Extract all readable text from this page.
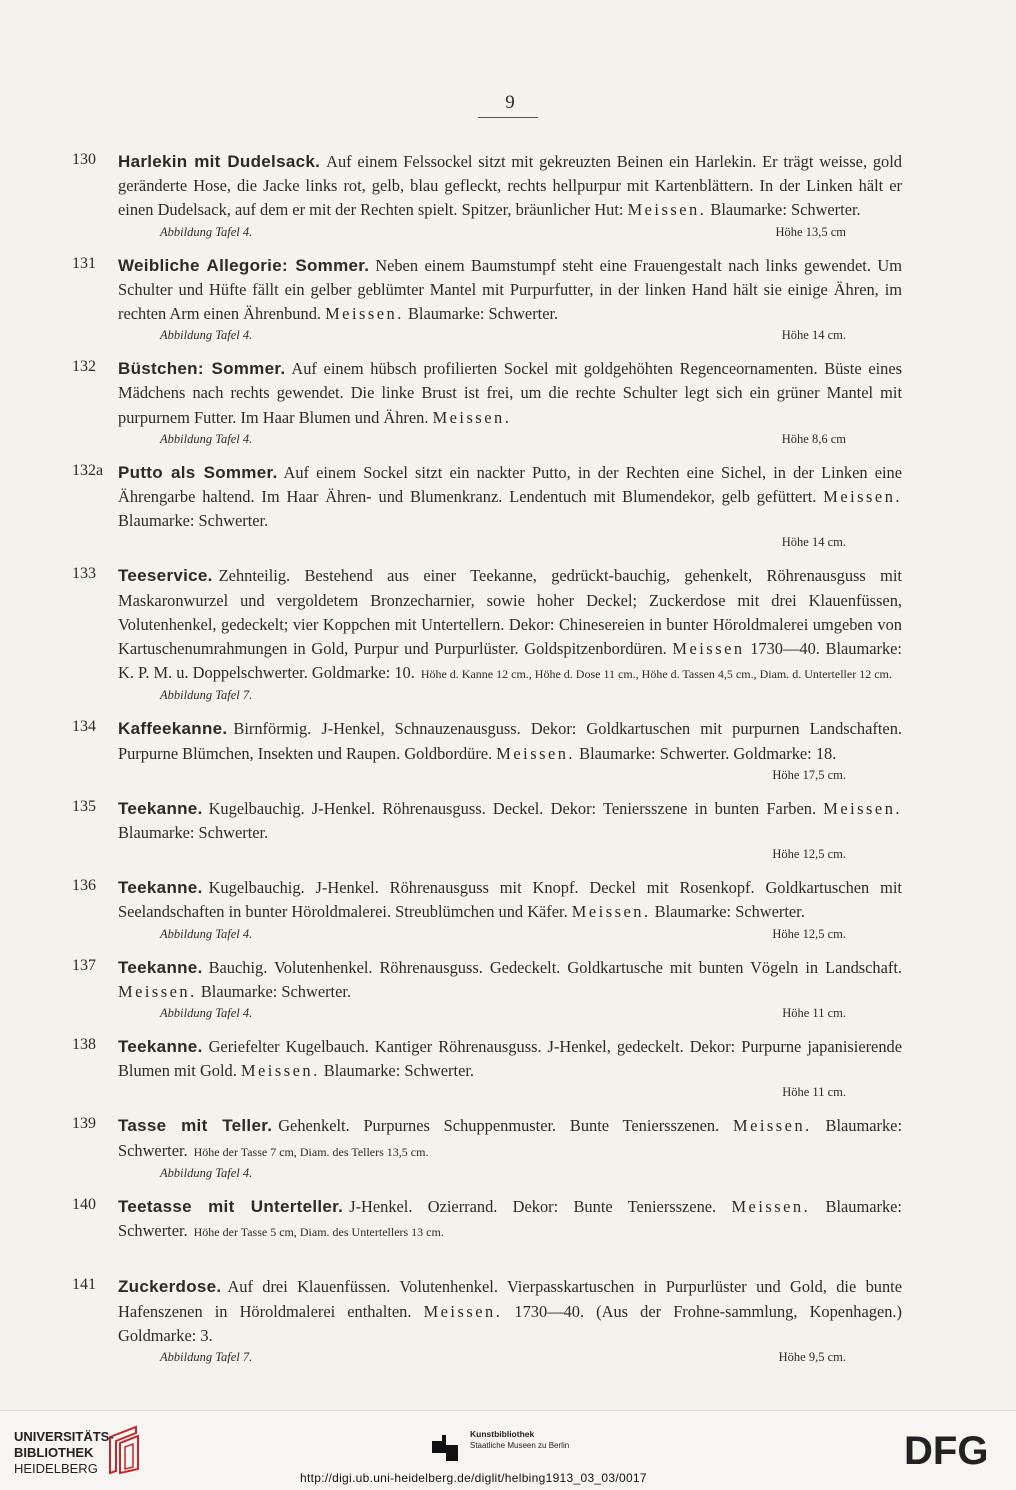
9
130 Harlekin mit Dudelsack. Auf einem Felssockel sitzt mit gekreuzten Beinen ein Harlekin. Er trägt weisse, gold geränderte Hose, die Jacke links rot, gelb, blau gefleckt, rechts hellpurpur mit Kartenblättern. In der Linken hält er einen Dudelsack, auf dem er mit der Rechten spielt. Spitzer, bräunlicher Hut: Meissen. Blaumarke: Schwerter.
Abbildung Tafel 4.	Höhe 13,5 cm
131 Weibliche Allegorie: Sommer. Neben einem Baumstumpf steht eine Frauengestalt nach links gewendet. Um Schulter und Hüfte fällt ein gelber geblümter Mantel mit Purpurfutter, in der linken Hand hält sie einige Ähren, im rechten Arm einen Ährenbund. Meissen. Blaumarke: Schwerter.
Abbildung Tafel 4.	Höhe 14 cm.
132 Büstchen: Sommer. Auf einem hübsch profilierten Sockel mit goldgehöhten Regenceornamenten. Büste eines Mädchens nach rechts gewendet. Die linke Brust ist frei, um die rechte Schulter legt sich ein grüner Mantel mit purpurnem Futter. Im Haar Blumen und Ähren. Meissen.
Abbildung Tafel 4.	Höhe 8,6 cm
132a Putto als Sommer. Auf einem Sockel sitzt ein nackter Putto, in der Rechten eine Sichel, in der Linken eine Ährengarbe haltend. Im Haar Ähren- und Blumenkranz. Lendentuch mit Blumendekor, gelb gefüttert. Meissen. Blaumarke: Schwerter.
Höhe 14 cm.
133 Teeservice. Zehnteilig. Bestehend aus einer Teekanne, gedrückt-bauchig, gehenkelt, Röhrenausguss mit Maskaronwurzel und vergoldetem Bronzecharnier, sowie hoher Deckel; Zuckerdose mit drei Klauenfüssen, Volutenhenkel, gedeckelt; vier Koppchen mit Untertellern. Dekor: Chinesereien in bunter Höroldmalerei umgeben von Kartuschenumrahmungen in Gold, Purpur und Purpurlüster. Goldspitzenbordüren. Meissen 1730—40. Blaumarke: K. P. M. u. Doppelschwerter. Goldmarke: 10. Höhe d. Kanne 12 cm., Höhe d. Dose 11 cm., Höhe d. Tassen 4,5 cm., Diam. d. Unterteller 12 cm.
Abbildung Tafel 7.
134 Kaffeekanne. Birnförmig. J-Henkel, Schnauzenausguss. Dekor: Goldkartuschen mit purpurnen Landschaften. Purpurne Blümchen, Insekten und Raupen. Goldbordüre. Meissen. Blaumarke: Schwerter. Goldmarke: 18.
Höhe 17,5 cm.
135 Teekanne. Kugelbauchig. J-Henkel. Röhrenausguss. Deckel. Dekor: Teniersszene in bunten Farben. Meissen. Blaumarke: Schwerter.
Höhe 12,5 cm.
136 Teekanne. Kugelbauchig. J-Henkel. Röhrenausguss mit Knopf. Deckel mit Rosenkopf. Goldkartuschen mit Seelandschaften in bunter Höroldmalerei. Streublümchen und Käfer. Meissen. Blaumarke: Schwerter.
Abbildung Tafel 4.	Höhe 12,5 cm.
137 Teekanne. Bauchig. Volutenhenkel. Röhrenausguss. Gedeckelt. Goldkartusche mit bunten Vögeln in Landschaft. Meissen. Blaumarke: Schwerter.
Abbildung Tafel 4.	Höhe 11 cm.
138 Teekanne. Geriefelter Kugelbauch. Kantiger Röhrenausguss. J-Henkel, gedeckelt. Dekor: Purpurne japanisierende Blumen mit Gold. Meissen. Blaumarke: Schwerter.
Höhe 11 cm.
139 Tasse mit Teller. Gehenkelt. Purpurnes Schuppenmuster. Bunte Teniersszenen. Meissen. Blaumarke: Schwerter. Höhe der Tasse 7 cm, Diam. des Tellers 13,5 cm.
Abbildung Tafel 4.
140 Teetasse mit Unterteller. J-Henkel. Ozierrand. Dekor: Bunte Teniersszene. Meissen. Blaumarke: Schwerter. Höhe der Tasse 5 cm, Diam. des Untertellers 13 cm.
141 Zuckerdose. Auf drei Klauenfüssen. Volutenhenkel. Vierpasskartuschen in Purpurlüster und Gold, die bunte Hafenszenen in Höroldmalerei enthalten. Meissen. 1730—40. (Aus der Frohne-sammlung, Kopenhagen.) Goldmarke: 3.
Abbildung Tafel 7.	Höhe 9,5 cm.
UNIVERSITÄTS-
BIBLIOTHEK
HEIDELBERG
Kunstbibliothek
Staatliche Museen zu Berlin	DFG
http://digi.ub.uni-heidelberg.de/diglit/helbing1913_03_03/0017
